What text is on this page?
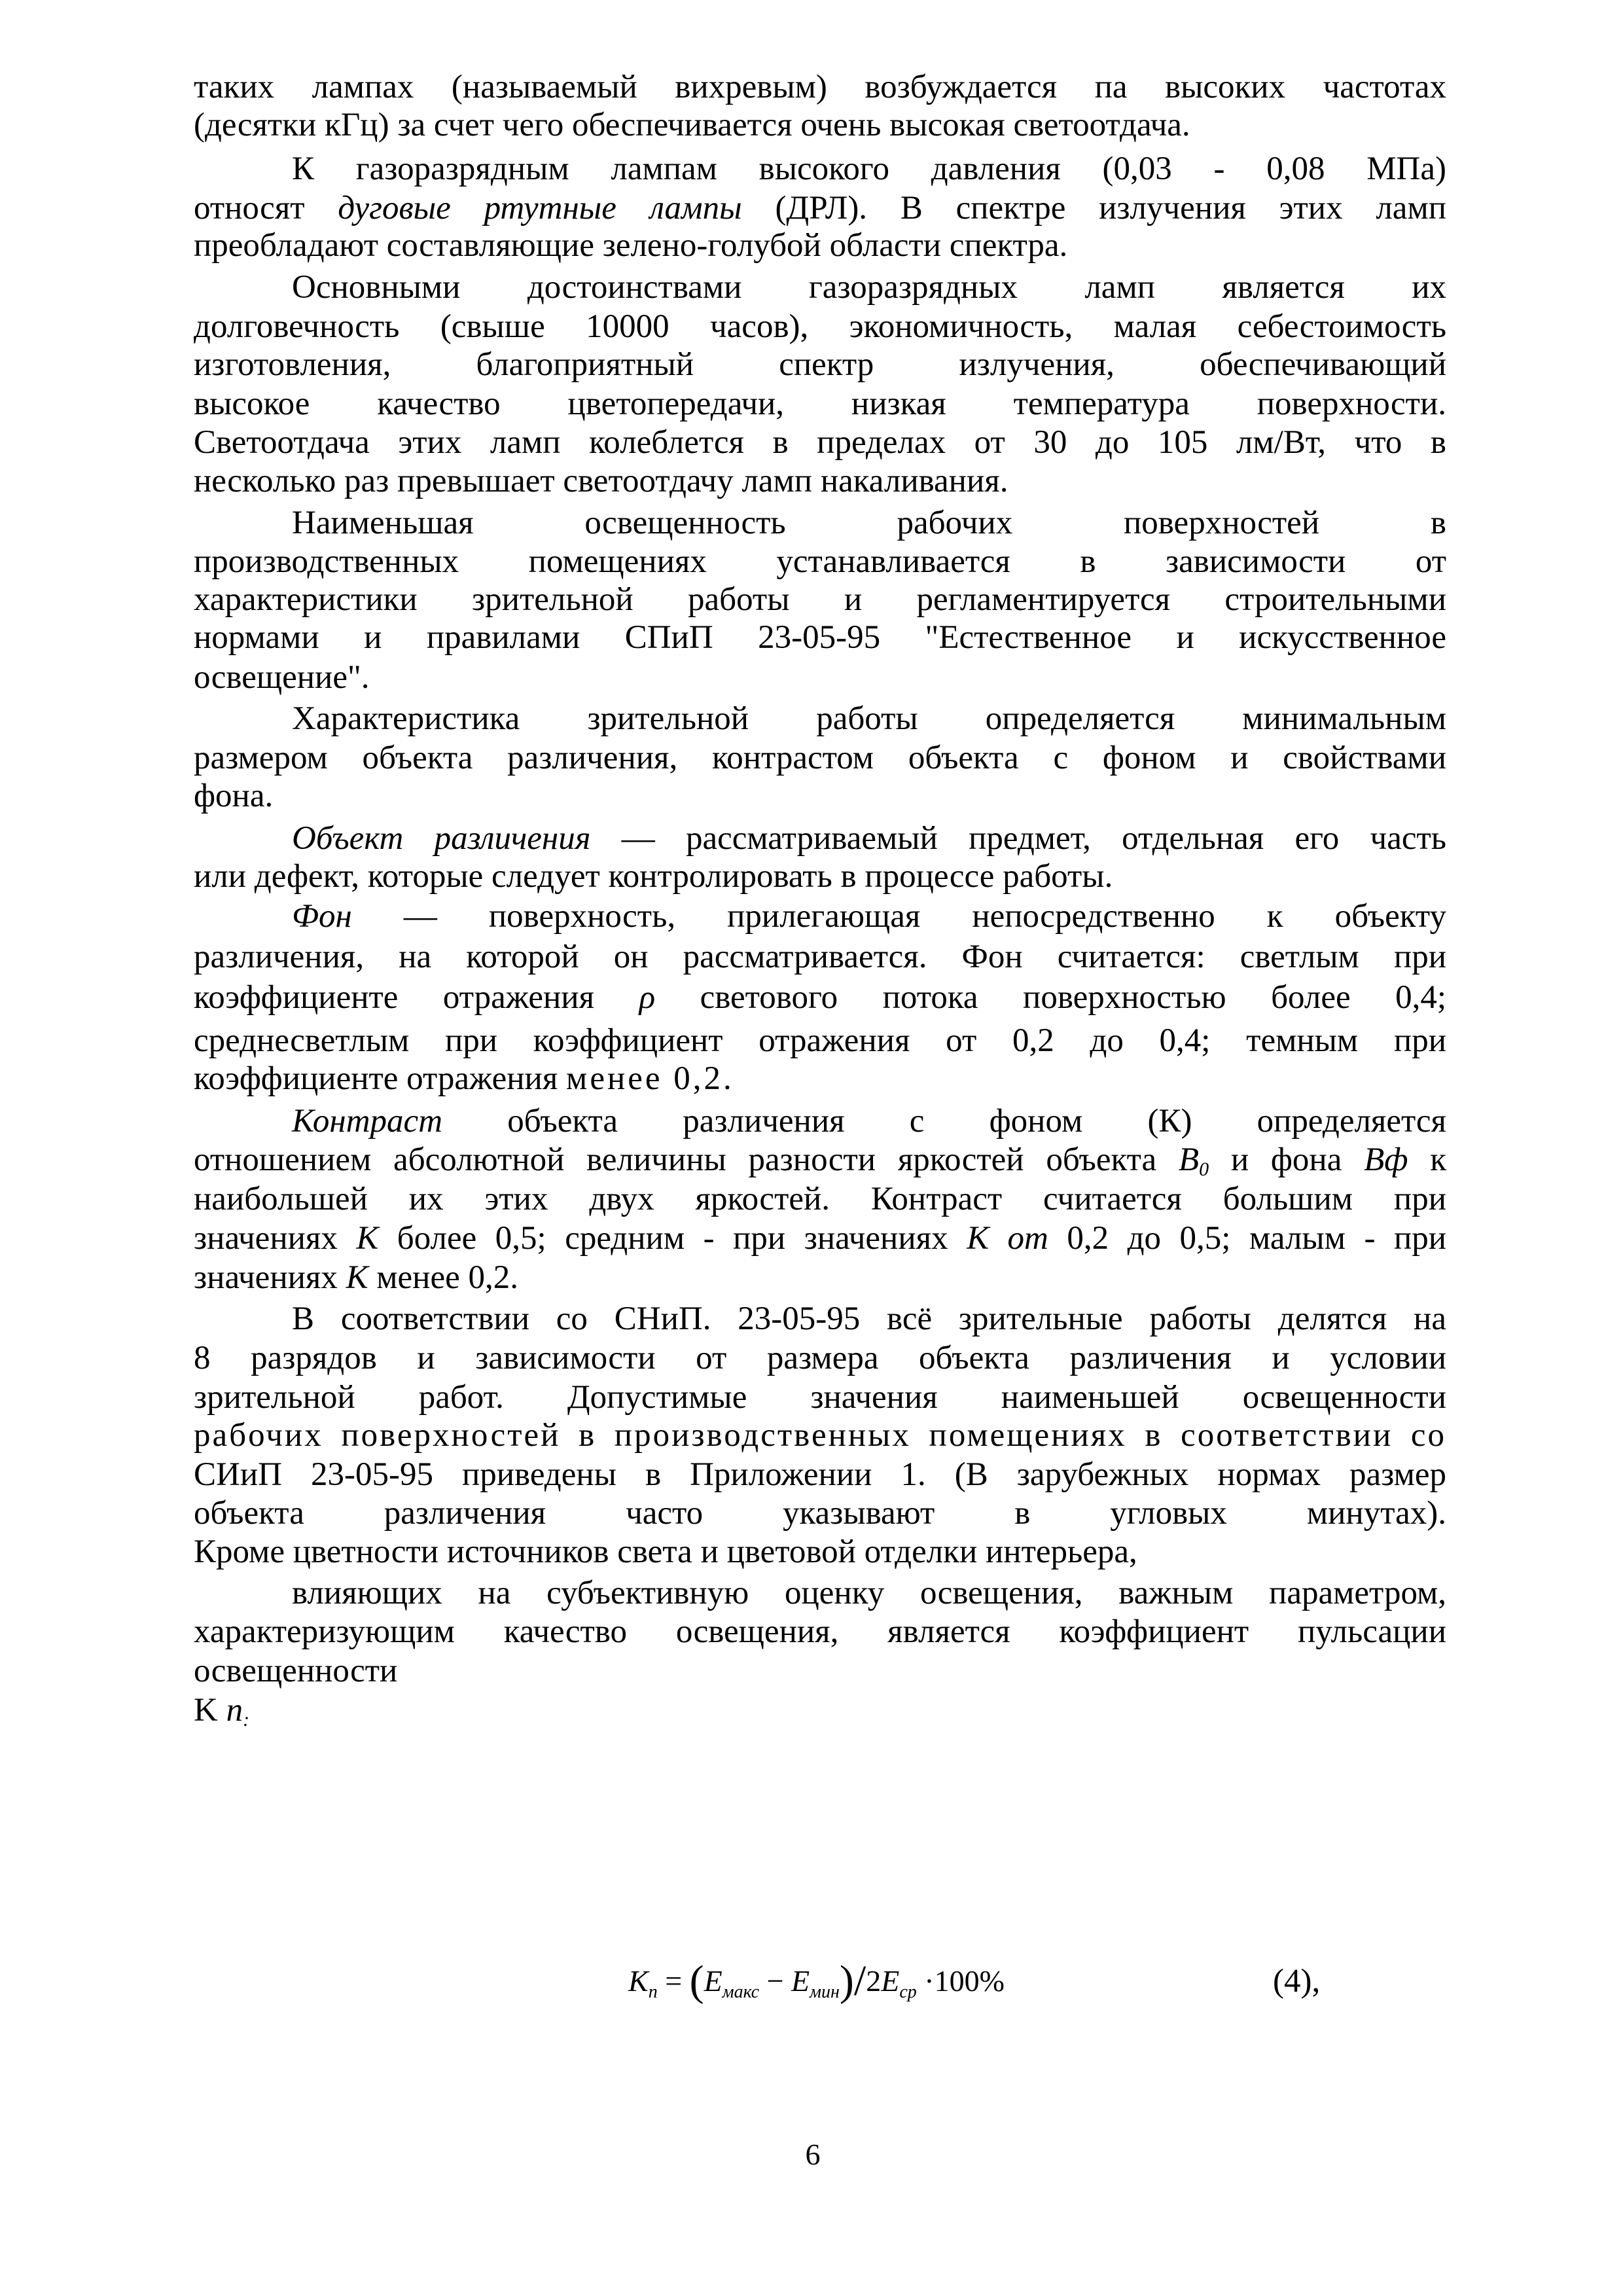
таких лампах (называемый вихревым) возбуждается па высоких частотах
(десятки кГц) за счет чего обеспечивается очень высокая светоотдача.
К газоразрядным лампам высокого давления (0,03 - 0,08 МПа)
относят дуговые ртутные лампы (ДРЛ). В спектре излучения этих ламп
преобладают составляющие зелено-голубой области спектра.
Основными достоинствами газоразрядных ламп является их
долговечность (свыше 10000 часов), экономичность, малая себестоимость
изготовления, благоприятный спектр излучения, обеспечивающий
высокое качество цветопередачи, низкая температура поверхности.
Светоотдача этих ламп колеблется в пределах от 30 до 105 лм/Вт, что в
несколько раз превышает светоотдачу ламп накаливания.
Наименьшая освещенность рабочих поверхностей в
производственных помещениях устанавливается в зависимости от
характеристики зрительной работы и регламентируется строительными
нормами и правилами СПиП 23-05-95 "Естественное и искусственное
освещение".
Характеристика зрительной работы определяется минимальным
размером объекта различения, контрастом объекта с фоном и свойствами
фона.
Объект различения — рассматриваемый предмет, отдельная его часть
или дефект, которые следует контролировать в процессе работы.
Фон — поверхность, прилегающая непосредственно к объекту
различения, на которой он рассматривается. Фон считается: светлым при
коэффициенте отражения ρ светового потока поверхностью более 0,4;
среднесветлым при коэффициент отражения от 0,2 до 0,4; темным при
коэффициенте отражения менее 0,2.
Контраст объекта различения с фоном (К) определяется
отношением абсолютной величины разности яркостей объекта $B_0$ и фона Bф к
наибольшей их этих двух яркостей. Контраст считается большим при
значениях К более 0,5; средним - при значениях К от 0,2 до 0,5; малым - при
значениях К менее 0,2.
В соответствии со СНиП. 23-05-95 всё зрительные работы делятся на
8 разрядов и зависимости от размера объекта различения и условии
зрительной работ. Допустимые значения наименьшей освещенности
рабочих поверхностей в производственных помещениях в соответствии со
СИиП 23-05-95 приведены в Приложении 1. (В зарубежных нормах размер
объекта различения часто указывают в угловых минутах).
Кроме цветности источников света и цветовой отделки интерьера,
влияющих на субъективную оценку освещения, важным параметром,
характеризующим качество освещения, является коэффициент пульсации
освещенности
K $п_:$
$K_п = (E_{макс} - E_{мин})/2E_{ср} \cdot 100\%$	(4),
6
